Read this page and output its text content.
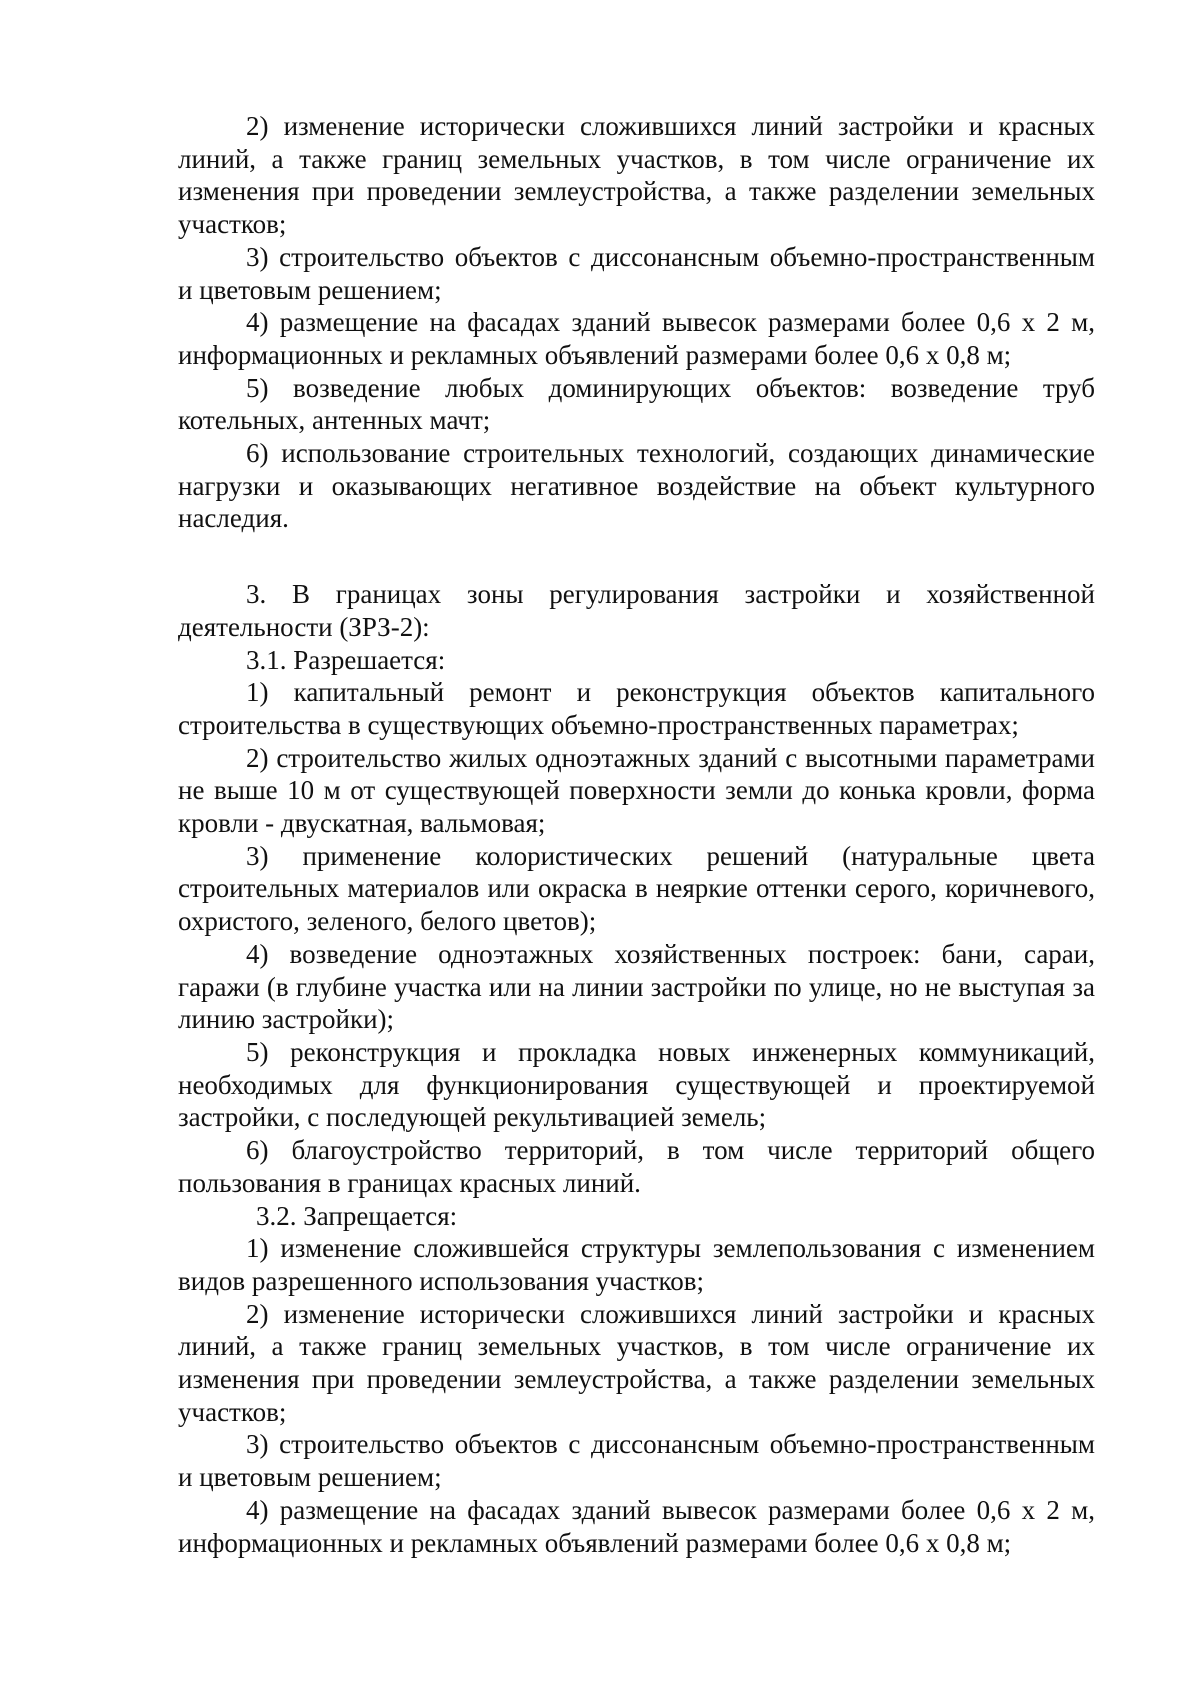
2) изменение исторически сложившихся линий застройки и красных линий, а также границ земельных участков, в том числе ограничение их изменения при проведении землеустройства, а также разделении земельных участков;

3) строительство объектов с диссонансным объемно-пространственным и цветовым решением;

4) размещение на фасадах зданий вывесок размерами более 0,6 х 2 м, информационных и рекламных объявлений размерами более 0,6 х 0,8 м;

5) возведение любых доминирующих объектов: возведение труб котельных, антенных мачт;

6) использование строительных технологий, создающих динамические нагрузки и оказывающих негативное воздействие на объект культурного наследия.

3. В границах зоны регулирования застройки и хозяйственной деятельности (ЗРЗ-2):

3.1. Разрешается:

1) капитальный ремонт и реконструкция объектов капитального строительства в существующих объемно-пространственных параметрах;

2) строительство жилых одноэтажных зданий с высотными параметрами не выше 10 м от существующей поверхности земли до конька кровли, форма кровли - двускатная, вальмовая;

3) применение колористических решений (натуральные цвета строительных материалов или окраска в неяркие оттенки серого, коричневого, охристого, зеленого, белого цветов);

4) возведение одноэтажных хозяйственных построек: бани, сараи, гаражи (в глубине участка или на линии застройки по улице, но не выступая за линию застройки);

5) реконструкция и прокладка новых инженерных коммуникаций, необходимых для функционирования существующей и проектируемой застройки, с последующей рекультивацией земель;

6) благоустройство территорий, в том числе территорий общего пользования в границах красных линий.

3.2. Запрещается:

1) изменение сложившейся структуры землепользования с изменением видов разрешенного использования участков;

2) изменение исторически сложившихся линий застройки и красных линий, а также границ земельных участков, в том числе ограничение их изменения при проведении землеустройства, а также разделении земельных участков;

3) строительство объектов с диссонансным объемно-пространственным и цветовым решением;

4) размещение на фасадах зданий вывесок размерами более 0,6 х 2 м, информационных и рекламных объявлений размерами более 0,6 х 0,8 м;
